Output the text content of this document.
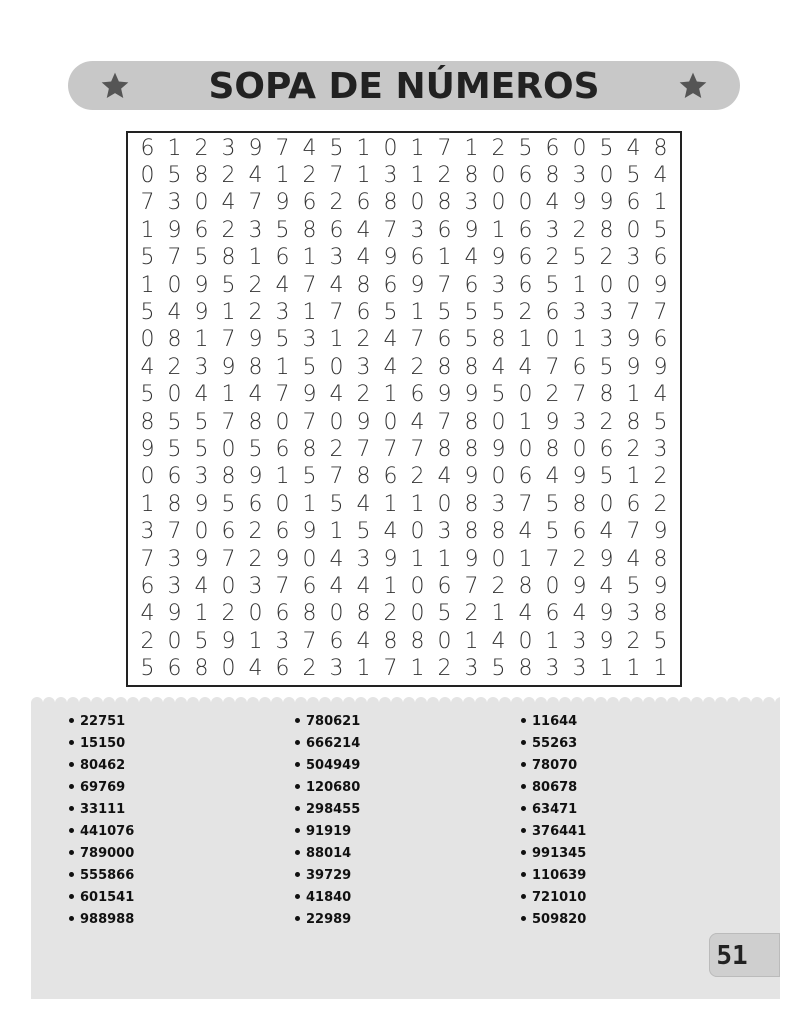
SOPA DE NÚMEROS
6 1 2 3 9 7 4 5 1 0 1 7 1 2 5 6 0 5 4 8
0 5 8 2 4 1 2 7 1 3 1 2 8 0 6 8 3 0 5 4
7 3 0 4 7 9 6 2 6 8 0 8 3 0 0 4 9 9 6 1
1 9 6 2 3 5 8 6 4 7 3 6 9 1 6 3 2 8 0 5
5 7 5 8 1 6 1 3 4 9 6 1 4 9 6 2 5 2 3 6
1 0 9 5 2 4 7 4 8 6 9 7 6 3 6 5 1 0 0 9
5 4 9 1 2 3 1 7 6 5 1 5 5 5 2 6 3 3 7 7
0 8 1 7 9 5 3 1 2 4 7 6 5 8 1 0 1 3 9 6
4 2 3 9 8 1 5 0 3 4 2 8 8 4 4 7 6 5 9 9
5 0 4 1 4 7 9 4 2 1 6 9 9 5 0 2 7 8 1 4
8 5 5 7 8 0 7 0 9 0 4 7 8 0 1 9 3 2 8 5
9 5 5 0 5 6 8 2 7 7 7 8 8 9 0 8 0 6 2 3
0 6 3 8 9 1 5 7 8 6 2 4 9 0 6 4 9 5 1 2
1 8 9 5 6 0 1 5 4 1 1 0 8 3 7 5 8 0 6 2
3 7 0 6 2 6 9 1 5 4 0 3 8 8 4 5 6 4 7 9
7 3 9 7 2 9 0 4 3 9 1 1 9 0 1 7 2 9 4 8
6 3 4 0 3 7 6 4 4 1 0 6 7 2 8 0 9 4 5 9
4 9 1 2 0 6 8 0 8 2 0 5 2 1 4 6 4 9 3 8
2 0 5 9 1 3 7 6 4 8 8 0 1 4 0 1 3 9 2 5
5 6 8 0 4 6 2 3 1 7 1 2 3 5 8 3 3 1 1 1
22751
15150
80462
69769
33111
441076
789000
555866
601541
988988
780621
666214
504949
120680
298455
91919
88014
39729
41840
22989
11644
55263
78070
80678
63471
376441
991345
110639
721010
509820
51
